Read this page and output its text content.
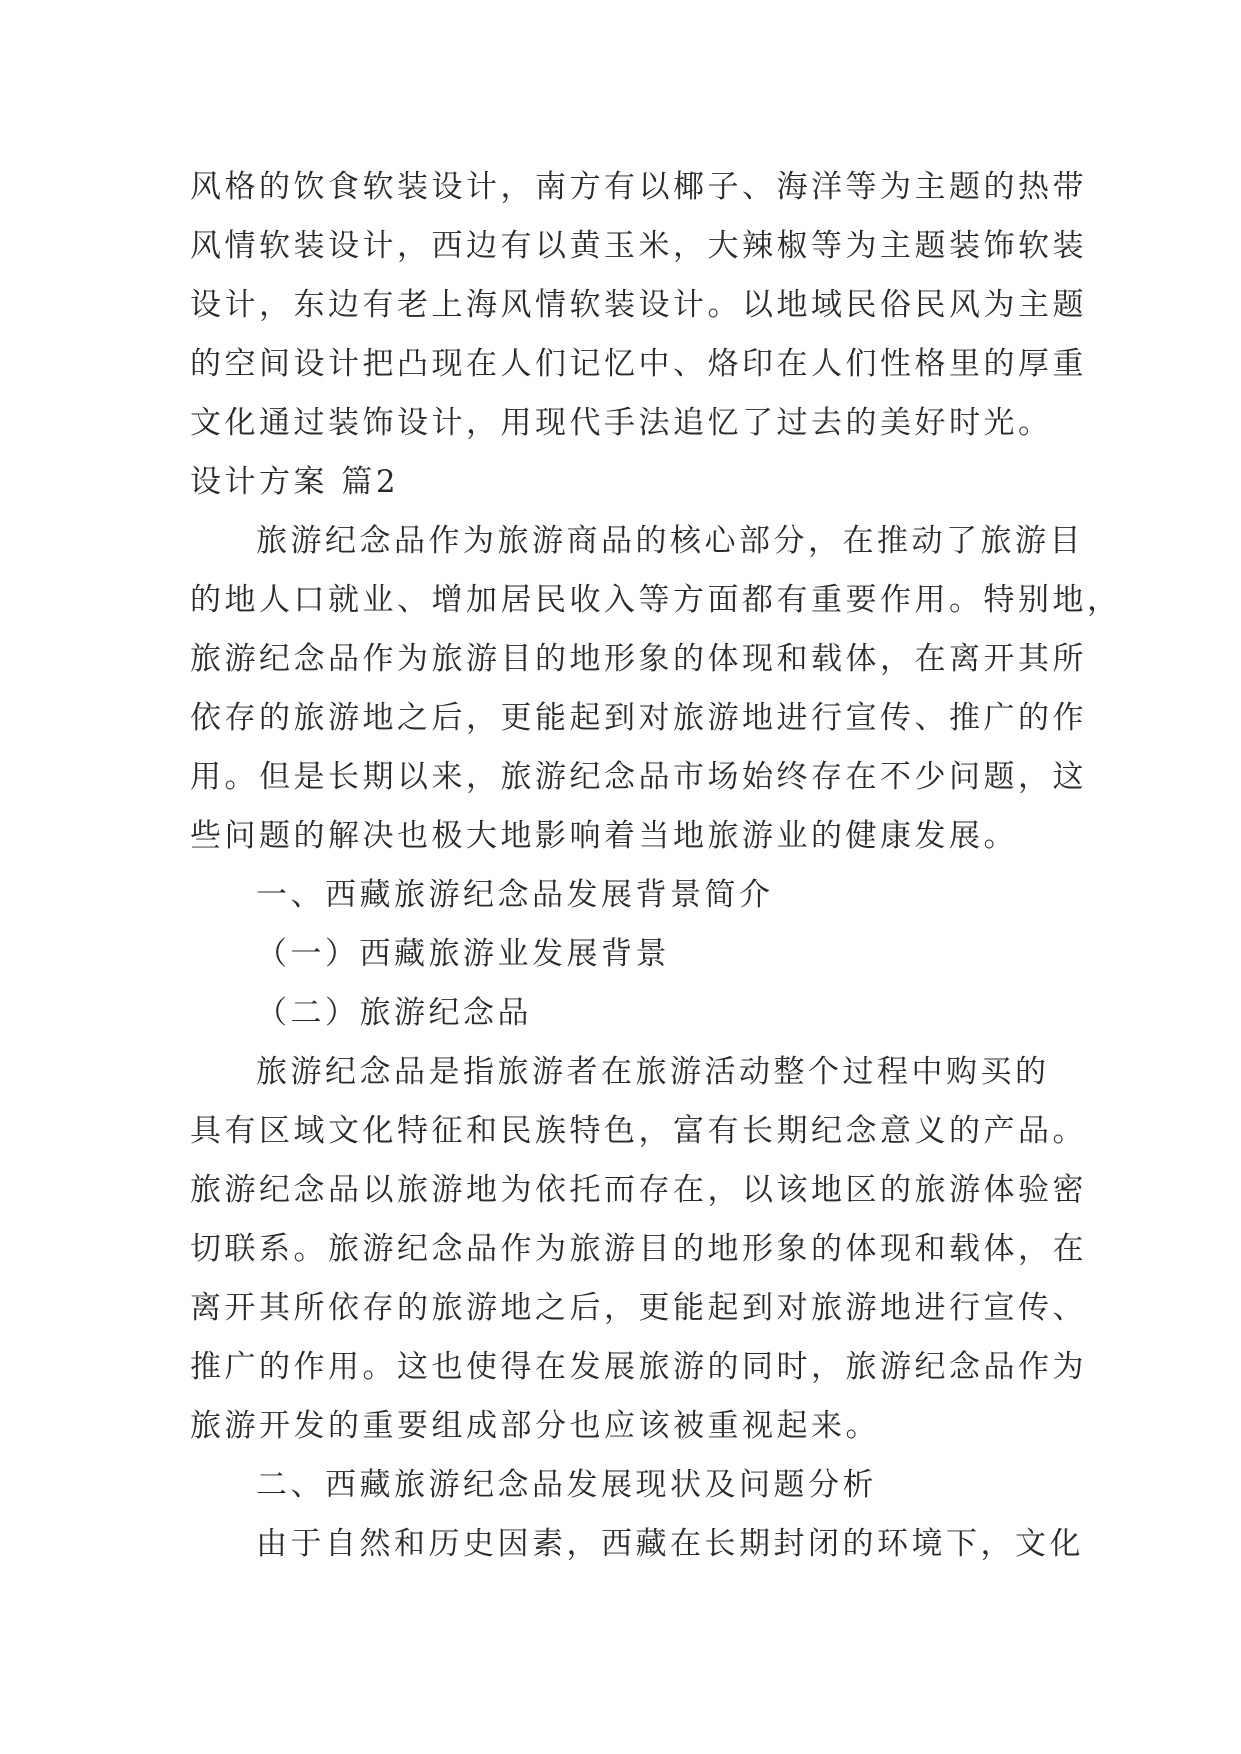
风格的饮食软装设计，南方有以椰子、海洋等为主题的热带
风情软装设计，西边有以黄玉米，大辣椒等为主题装饰软装
设计，东边有老上海风情软装设计。以地域民俗民风为主题
的空间设计把凸现在人们记忆中、烙印在人们性格里的厚重
文化通过装饰设计，用现代手法追忆了过去的美好时光。
设计方案 篇2
旅游纪念品作为旅游商品的核心部分，在推动了旅游目
的地人口就业、增加居民收入等方面都有重要作用。特别地，
旅游纪念品作为旅游目的地形象的体现和载体，在离开其所
依存的旅游地之后，更能起到对旅游地进行宣传、推广的作
用。但是长期以来，旅游纪念品市场始终存在不少问题，这
些问题的解决也极大地影响着当地旅游业的健康发展。
一、西藏旅游纪念品发展背景简介
（一）西藏旅游业发展背景
（二）旅游纪念品
旅游纪念品是指旅游者在旅游活动整个过程中购买的
具有区域文化特征和民族特色，富有长期纪念意义的产品。
旅游纪念品以旅游地为依托而存在，以该地区的旅游体验密
切联系。旅游纪念品作为旅游目的地形象的体现和载体，在
离开其所依存的旅游地之后，更能起到对旅游地进行宣传、
推广的作用。这也使得在发展旅游的同时，旅游纪念品作为
旅游开发的重要组成部分也应该被重视起来。
二、西藏旅游纪念品发展现状及问题分析
由于自然和历史因素，西藏在长期封闭的环境下，文化
